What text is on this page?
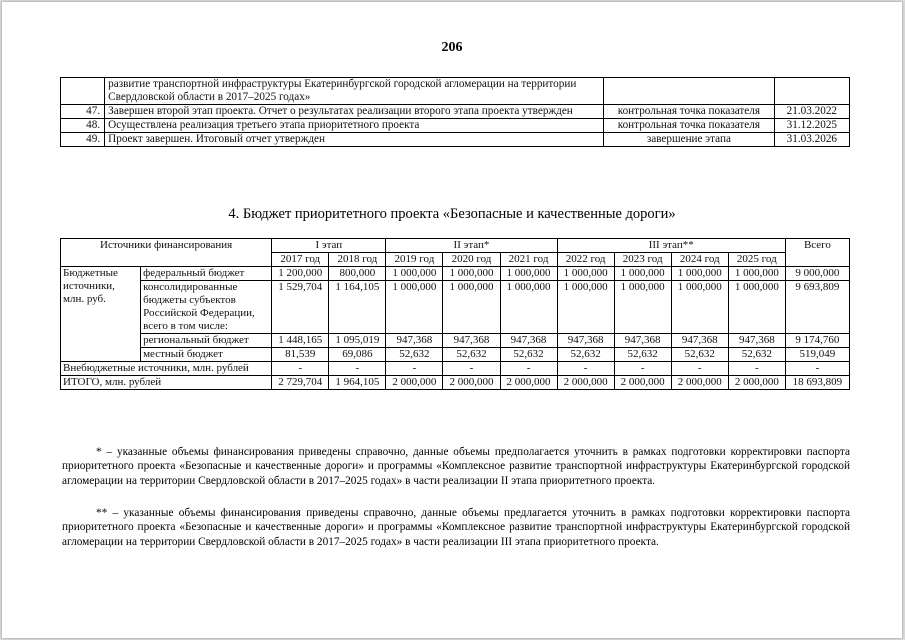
206
	развитие транспортной инфраструктуры Екатеринбургской городской агломерации на территории Свердловской области в 2017–2025 годах»		
47.	Завершен второй этап проекта. Отчет о результатах реализации второго этапа проекта утвержден	контрольная точка показателя	21.03.2022
48.	Осуществлена реализация третьего этапа приоритетного проекта	контрольная точка показателя	31.12.2025
49.	Проект завершен. Итоговый отчет утвержден	завершение этапа	31.03.2026
4. Бюджет приоритетного проекта «Безопасные и качественные дороги»
Источники финансирования		I этап		II этап*			III этап**				Всего
		2017 год	2018 год	2019 год	2020 год	2021 год	2022 год	2023 год	2024 год	2025 год	
Бюджетные источники, млн. руб.	федеральный бюджет	1 200,000	800,000	1 000,000	1 000,000	1 000,000	1 000,000	1 000,000	1 000,000	1 000,000	9 000,000
	консолидированные бюджеты субъектов Российской Федерации, всего в том числе:	1 529,704	1 164,105	1 000,000	1 000,000	1 000,000	1 000,000	1 000,000	1 000,000	1 000,000	9 693,809
	региональный бюджет	1 448,165	1 095,019	947,368	947,368	947,368	947,368	947,368	947,368	947,368	9 174,760
	местный бюджет	81,539	69,086	52,632	52,632	52,632	52,632	52,632	52,632	52,632	519,049
Внебюджетные источники, млн. рублей		-	-	-	-	-	-	-	-	-	-
ИТОГО, млн. рублей		2 729,704	1 964,105	2 000,000	2 000,000	2 000,000	2 000,000	2 000,000	2 000,000	2 000,000	18 693,809

* – указанные объемы финансирования приведены справочно, данные объемы предполагается уточнить в рамках подготовки корректировки паспорта приоритетного проекта «Безопасные и качественные дороги» и программы «Комплексное развитие транспортной инфраструктуры Екатеринбургской городской агломерации на территории Свердловской области в 2017–2025 годах» в части реализации II этапа приоритетного проекта.

** – указанные объемы финансирования приведены справочно, данные объемы предлагается уточнить в рамках подготовки корректировки паспорта приоритетного проекта «Безопасные и качественные дороги» и программы «Комплексное развитие транспортной инфраструктуры Екатеринбургской городской агломерации на территории Свердловской области в 2017–2025 годах» в части реализации III этапа приоритетного проекта.
